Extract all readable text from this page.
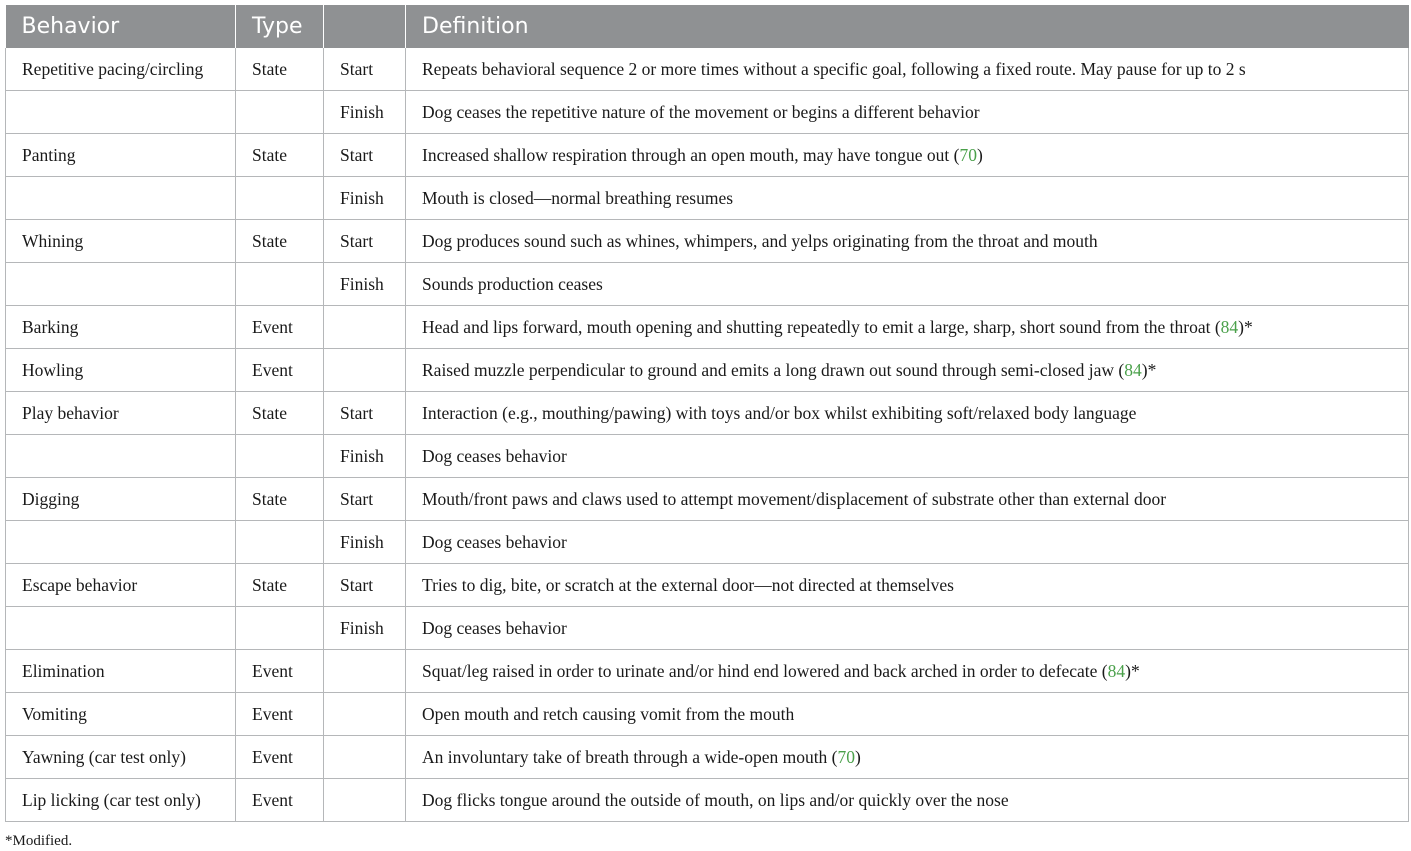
Behavior	Type		Definition
Repetitive pacing/circling	State	Start	Repeats behavioral sequence 2 or more times without a specific goal, following a fixed route. May pause for up to 2 s
		Finish	Dog ceases the repetitive nature of the movement or begins a different behavior
Panting	State	Start	Increased shallow respiration through an open mouth, may have tongue out (70)
		Finish	Mouth is closed—normal breathing resumes
Whining	State	Start	Dog produces sound such as whines, whimpers, and yelps originating from the throat and mouth
		Finish	Sounds production ceases
Barking	Event		Head and lips forward, mouth opening and shutting repeatedly to emit a large, sharp, short sound from the throat (84)*
Howling	Event		Raised muzzle perpendicular to ground and emits a long drawn out sound through semi-closed jaw (84)*
Play behavior	State	Start	Interaction (e.g., mouthing/pawing) with toys and/or box whilst exhibiting soft/relaxed body language
		Finish	Dog ceases behavior
Digging	State	Start	Mouth/front paws and claws used to attempt movement/displacement of substrate other than external door
		Finish	Dog ceases behavior
Escape behavior	State	Start	Tries to dig, bite, or scratch at the external door—not directed at themselves
		Finish	Dog ceases behavior
Elimination	Event		Squat/leg raised in order to urinate and/or hind end lowered and back arched in order to defecate (84)*
Vomiting	Event		Open mouth and retch causing vomit from the mouth
Yawning (car test only)	Event		An involuntary take of breath through a wide-open mouth (70)
Lip licking (car test only)	Event		Dog flicks tongue around the outside of mouth, on lips and/or quickly over the nose
*Modified.
